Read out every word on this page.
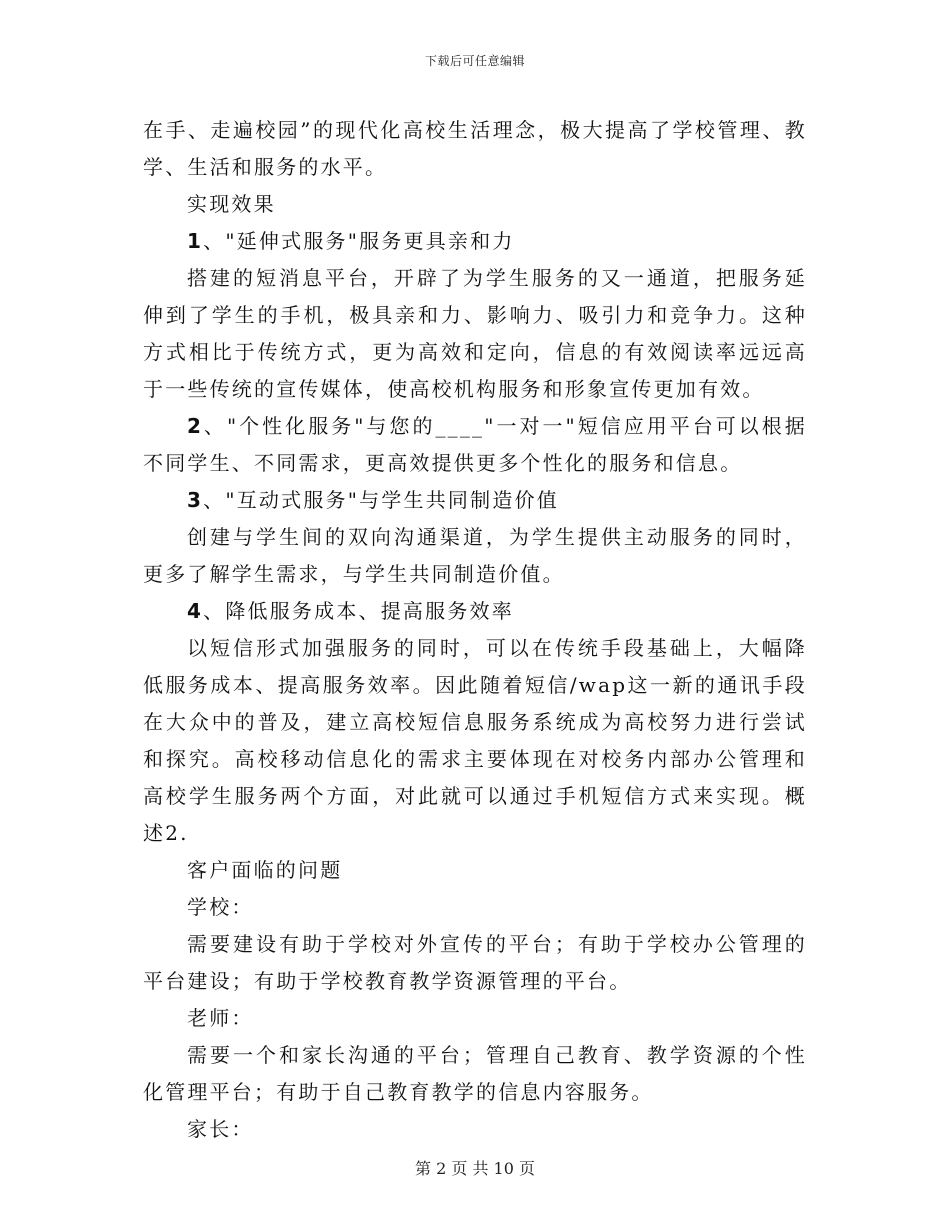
下载后可任意编辑

在手、走遍校园”的现代化高校生活理念，极大提高了学校管理、教学、生活和服务的水平。

实现效果

1、"延伸式服务"服务更具亲和力

搭建的短消息平台，开辟了为学生服务的又一通道，把服务延伸到了学生的手机，极具亲和力、影响力、吸引力和竞争力。这种方式相比于传统方式，更为高效和定向，信息的有效阅读率远远高于一些传统的宣传媒体，使高校机构服务和形象宣传更加有效。

2、"个性化服务"与您的____"一对一"短信应用平台可以根据不同学生、不同需求，更高效提供更多个性化的服务和信息。

3、"互动式服务"与学生共同制造价值

创建与学生间的双向沟通渠道，为学生提供主动服务的同时，更多了解学生需求，与学生共同制造价值。

4、降低服务成本、提高服务效率

以短信形式加强服务的同时，可以在传统手段基础上，大幅降低服务成本、提高服务效率。因此随着短信/wap这一新的通讯手段在大众中的普及，建立高校短信息服务系统成为高校努力进行尝试和探究。高校移动信息化的需求主要体现在对校务内部办公管理和高校学生服务两个方面，对此就可以通过手机短信方式来实现。概述2.

客户面临的问题

学校：

需要建设有助于学校对外宣传的平台；有助于学校办公管理的平台建设；有助于学校教育教学资源管理的平台。

老师：

需要一个和家长沟通的平台；管理自己教育、教学资源的个性化管理平台；有助于自己教育教学的信息内容服务。

家长：

第 2 页 共 10 页
